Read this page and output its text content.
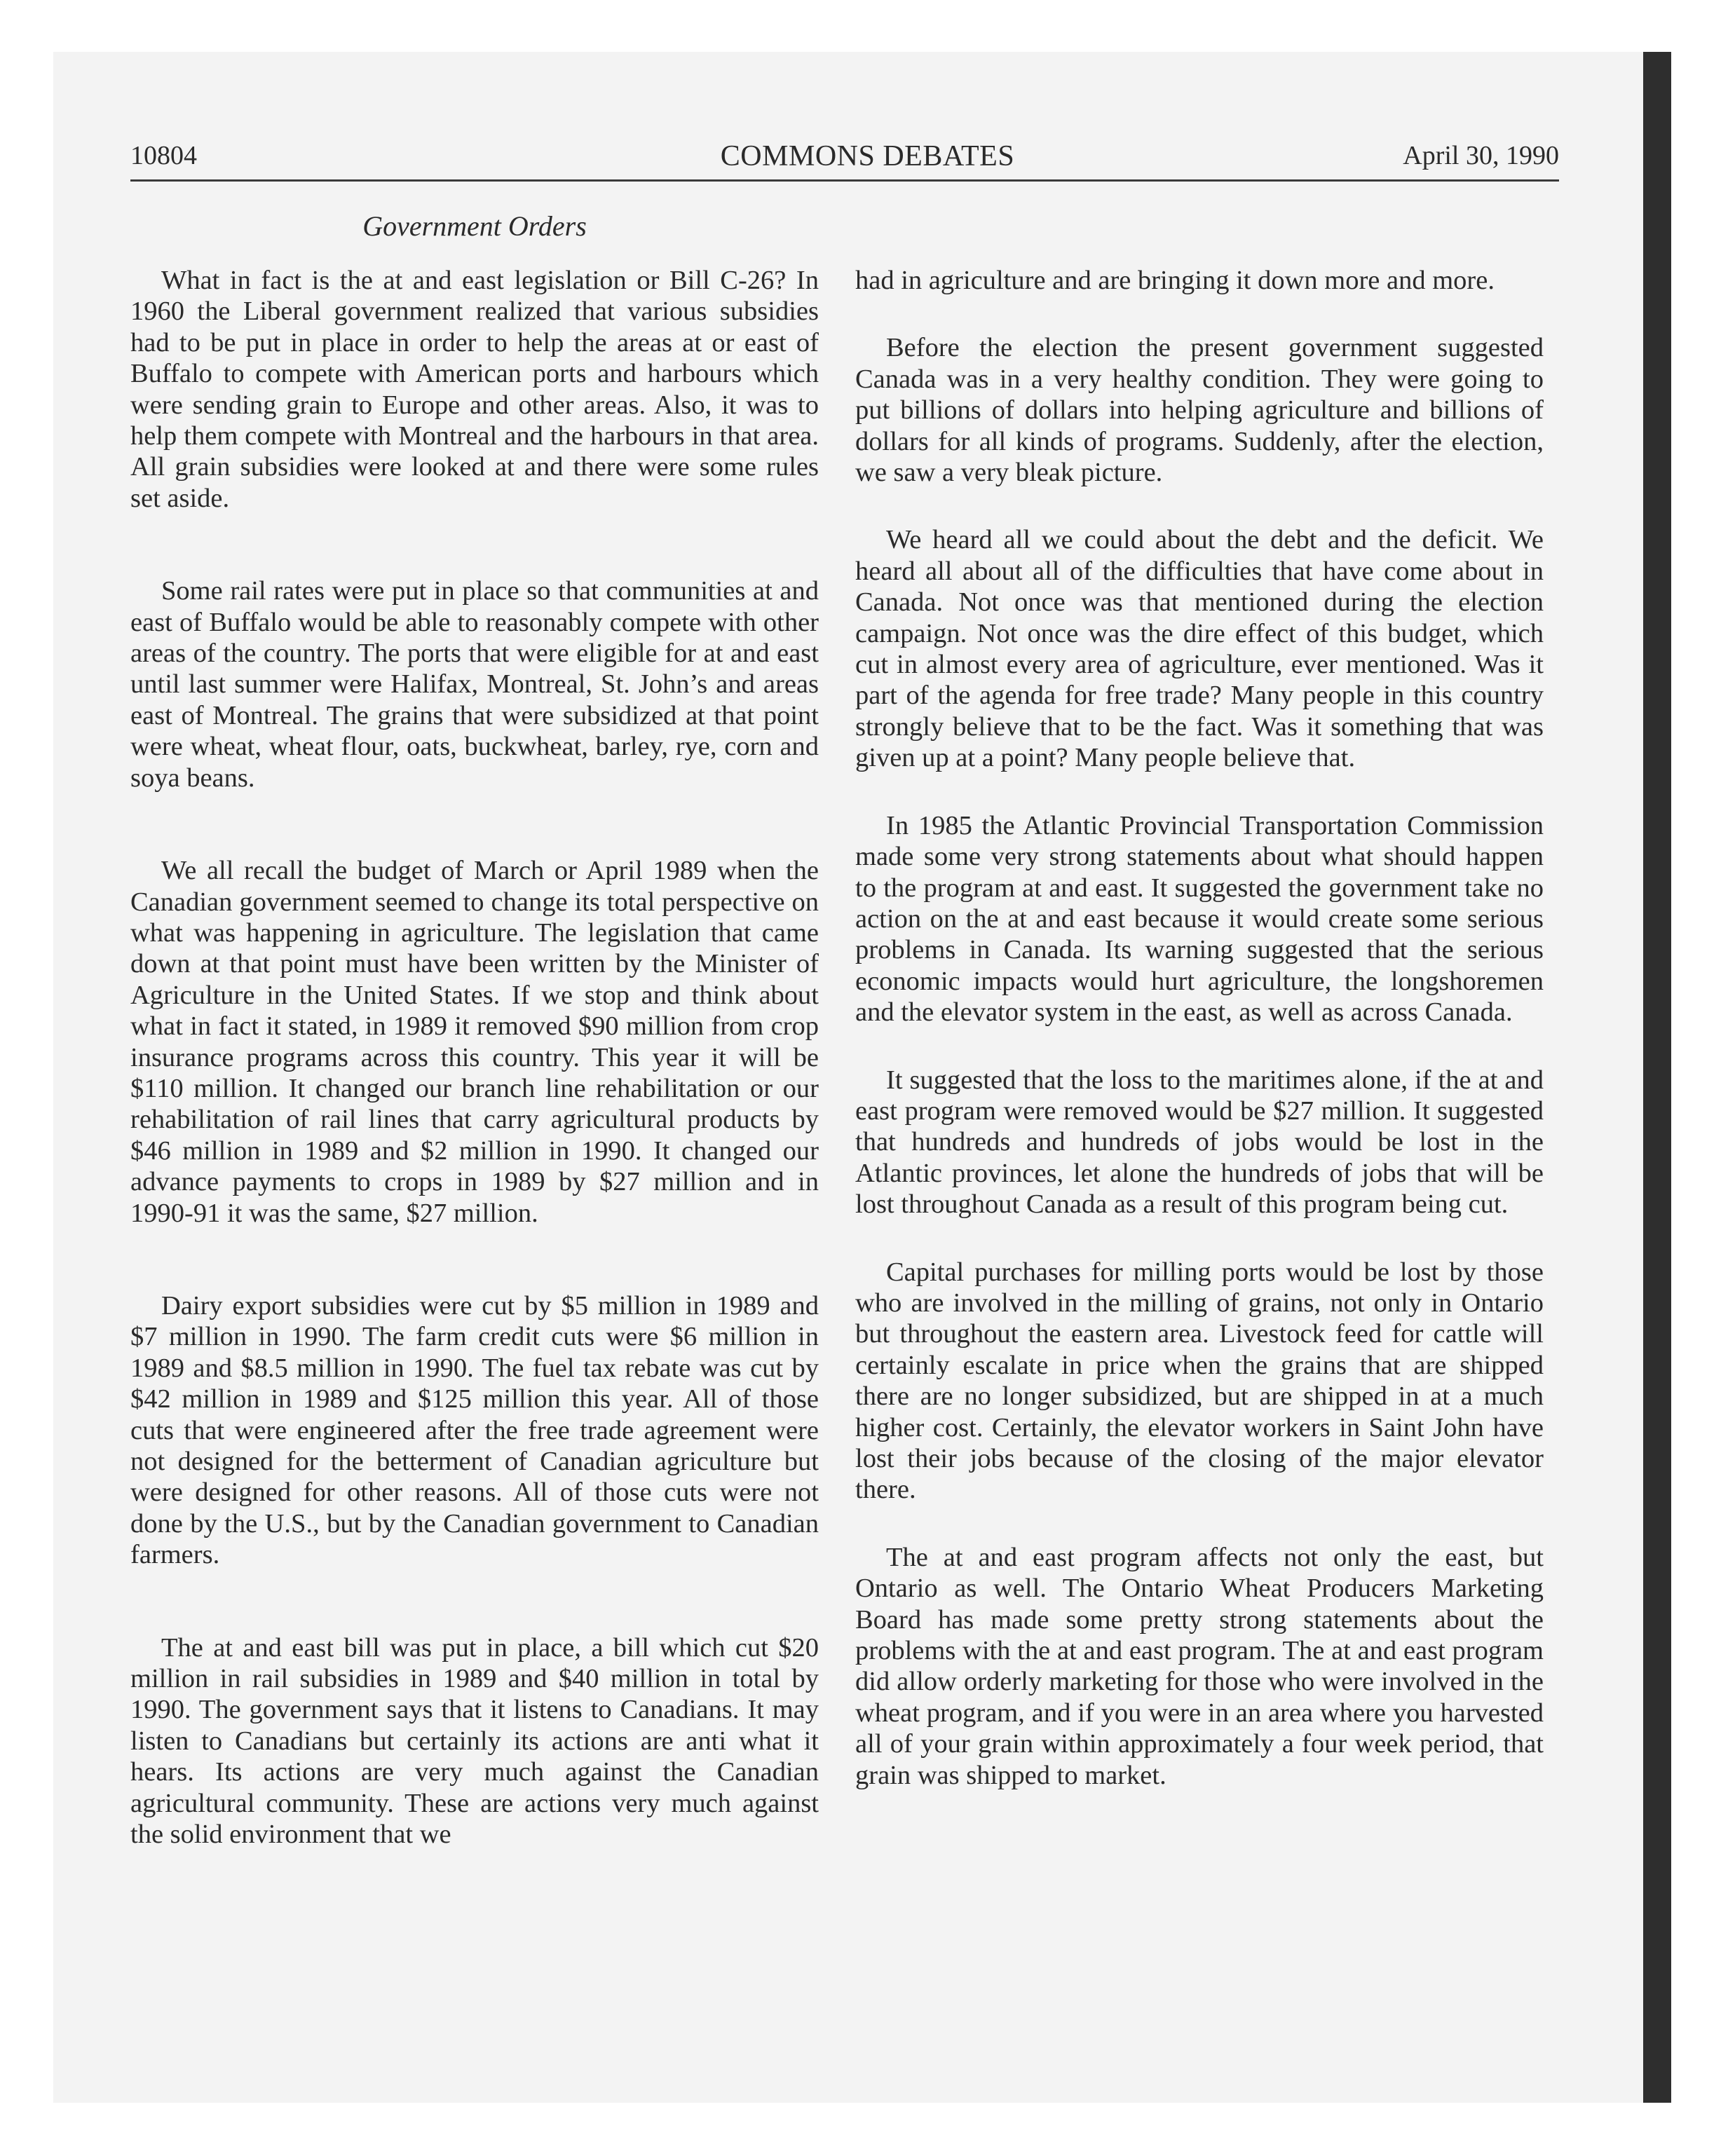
10804	COMMONS DEBATES	April 30, 1990
Government Orders

What in fact is the at and east legislation or Bill C-26? In 1960 the Liberal government realized that various subsidies had to be put in place in order to help the areas at or east of Buffalo to compete with American ports and harbours which were sending grain to Europe and other areas. Also, it was to help them compete with Montreal and the harbours in that area. All grain subsidies were looked at and there were some rules set aside.

Some rail rates were put in place so that communities at and east of Buffalo would be able to reasonably compete with other areas of the country. The ports that were eligible for at and east until last summer were Halifax, Montreal, St. John’s and areas east of Montreal. The grains that were subsidized at that point were wheat, wheat flour, oats, buckwheat, barley, rye, corn and soya beans.

We all recall the budget of March or April 1989 when the Canadian government seemed to change its total perspective on what was happening in agriculture. The legislation that came down at that point must have been written by the Minister of Agriculture in the United States. If we stop and think about what in fact it stated, in 1989 it removed $90 million from crop insurance programs across this country. This year it will be $110 million. It changed our branch line rehabilitation or our rehabilitation of rail lines that carry agricultural products by $46 million in 1989 and $2 million in 1990. It changed our advance payments to crops in 1989 by $27 million and in 1990-91 it was the same, $27 million.

Dairy export subsidies were cut by $5 million in 1989 and $7 million in 1990. The farm credit cuts were $6 million in 1989 and $8.5 million in 1990. The fuel tax rebate was cut by $42 million in 1989 and $125 million this year. All of those cuts that were engineered after the free trade agreement were not designed for the betterment of Canadian agriculture but were designed for other reasons. All of those cuts were not done by the U.S., but by the Canadian government to Canadian farmers.

The at and east bill was put in place, a bill which cut $20 million in rail subsidies in 1989 and $40 million in total by 1990. The government says that it listens to Canadians. It may listen to Canadians but certainly its actions are anti what it hears. Its actions are very much against the Canadian agricultural community. These are actions very much against the solid environment that we

had in agriculture and are bringing it down more and more.

Before the election the present government suggested Canada was in a very healthy condition. They were going to put billions of dollars into helping agriculture and billions of dollars for all kinds of programs. Suddenly, after the election, we saw a very bleak picture.

We heard all we could about the debt and the deficit. We heard all about all of the difficulties that have come about in Canada. Not once was that mentioned during the election campaign. Not once was the dire effect of this budget, which cut in almost every area of agriculture, ever mentioned. Was it part of the agenda for free trade? Many people in this country strongly believe that to be the fact. Was it something that was given up at a point? Many people believe that.

In 1985 the Atlantic Provincial Transportation Commission made some very strong statements about what should happen to the program at and east. It suggested the government take no action on the at and east because it would create some serious problems in Canada. Its warning suggested that the serious economic impacts would hurt agriculture, the longshoremen and the elevator system in the east, as well as across Canada.

It suggested that the loss to the maritimes alone, if the at and east program were removed would be $27 million. It suggested that hundreds and hundreds of jobs would be lost in the Atlantic provinces, let alone the hundreds of jobs that will be lost throughout Canada as a result of this program being cut.

Capital purchases for milling ports would be lost by those who are involved in the milling of grains, not only in Ontario but throughout the eastern area. Livestock feed for cattle will certainly escalate in price when the grains that are shipped there are no longer subsidized, but are shipped in at a much higher cost. Certainly, the elevator workers in Saint John have lost their jobs because of the closing of the major elevator there.

The at and east program affects not only the east, but Ontario as well. The Ontario Wheat Producers Marketing Board has made some pretty strong statements about the problems with the at and east program. The at and east program did allow orderly marketing for those who were involved in the wheat program, and if you were in an area where you harvested all of your grain within approximately a four week period, that grain was shipped to market.
